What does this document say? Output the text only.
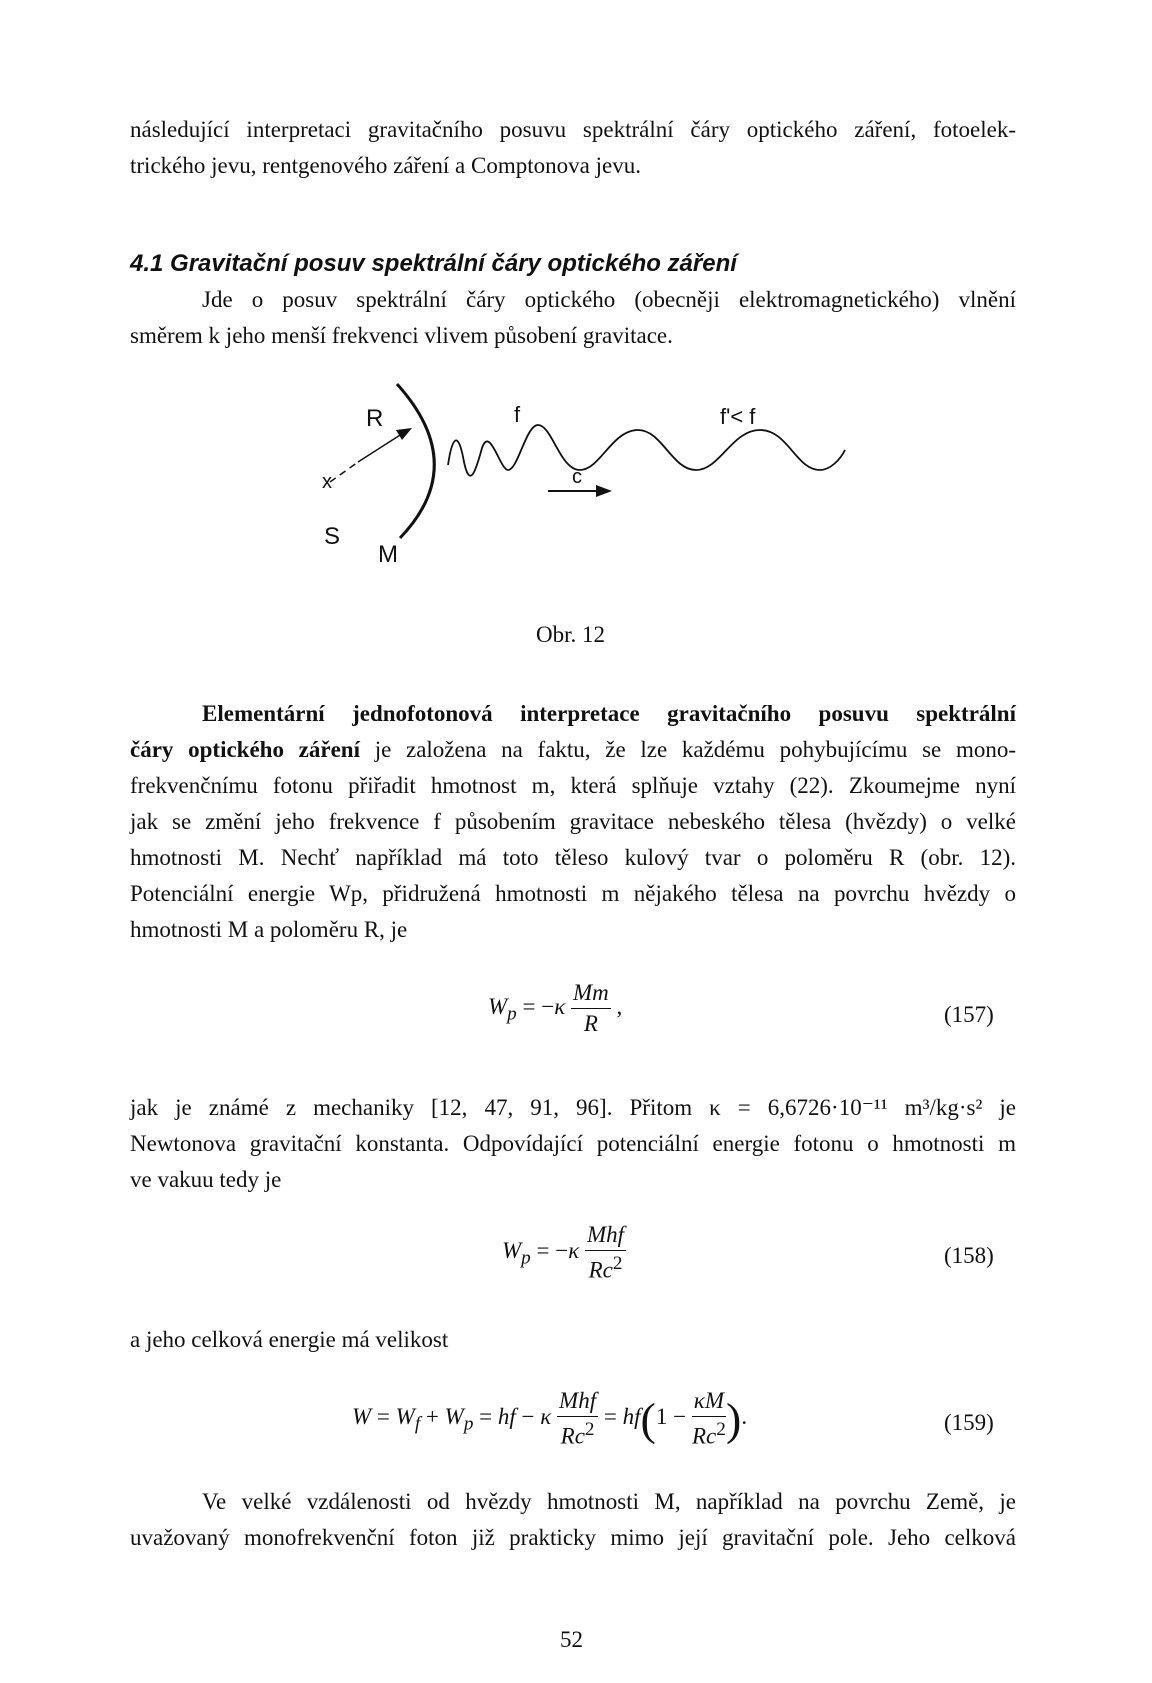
následující interpretaci gravitačního posuvu spektrální čáry optického záření, fotoelek-
trického jevu, rentgenového záření a Comptonova jevu.
4.1 Gravitační posuv spektrální čáry optického záření
Jde o posuv spektrální čáry optického (obecněji elektromagnetického) vlnění
směrem k jeho menší frekvenci vlivem působení gravitace.
x
R	f	f'< f
S
M
c
Obr. 12
Elementární jednofotonová interpretace gravitačního posuvu spektrální
čáry optického záření je založena na faktu, že lze každému pohybujícímu se mono-
frekvenčnímu fotonu přiřadit hmotnost m, která splňuje vztahy (22). Zkoumejme nyní
jak se změní jeho frekvence f působením gravitace nebeského tělesa (hvězdy) o velké
hmotnosti M. Nechť například má toto těleso kulový tvar o poloměru R (obr. 12).
Potenciální energie Wp, přidružená hmotnosti m nějakého tělesa na povrchu hvězdy o
hmotnosti M a poloměru R, je
$W_p = -\kappa \frac{Mm}{R}$ ,	(157)
jak je známé z mechaniky [12, 47, 91, 96]. Přitom κ = 6,6726·10⁻¹¹ m³/kg·s² je
Newtonova gravitační konstanta. Odpovídající potenciální energie fotonu o hmotnosti m
ve vakuu tedy je
$W_p = -\kappa \frac{\text{Mhf}}{Rc^2}$	(158)
a jeho celková energie má velikost
$W = W_f + W_p$ = hf − κ $\frac{\text{Mhf}}{Rc^2} = hf(1 - \frac{\kappa M}{Rc^2}$ ).	(159)
Ve velké vzdálenosti od hvězdy hmotnosti M, například na povrchu Země, je
uvažovaný monofrekvenční foton již prakticky mimo její gravitační pole. Jeho celková
52
